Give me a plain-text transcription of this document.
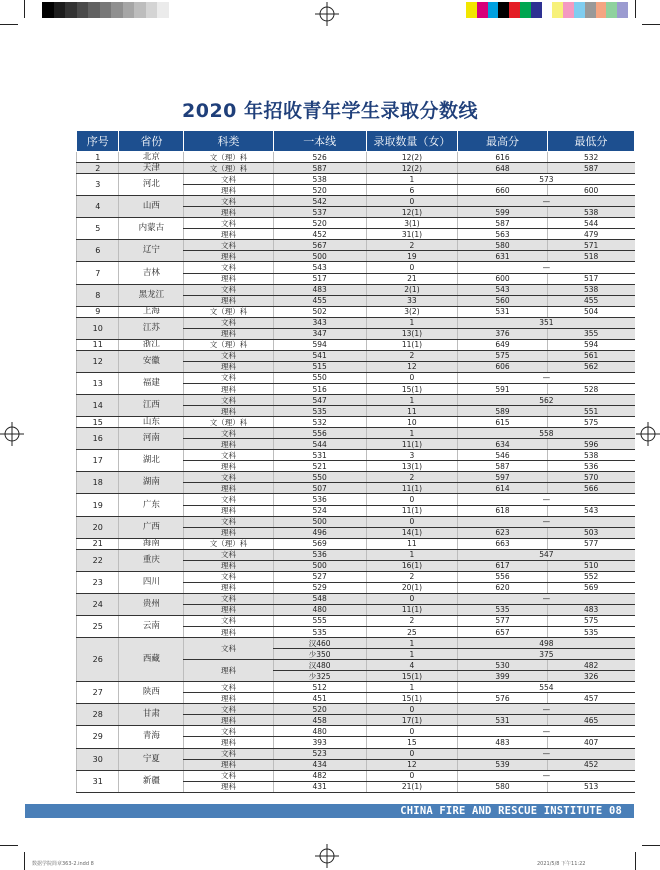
2020 年招收青年学生录取分数线
序号	省份	科类	一本线	录取数量（女）	最高分	最低分
1	北京	文（理）科	526	12(2)	616	532
2	天津	文（理）科	587	12(2)	648	587
3	河北	文科	538	1	573	
		理科	520	6	660	600
4	山西	文科	542	0	—	
		理科	537	12(1)	599	538
5	内蒙古	文科	520	3(1)	587	544
		理科	452	31(1)	563	479
6	辽宁	文科	567	2	580	571
		理科	500	19	631	518
7	吉林	文科	543	0	—	
		理科	517	21	600	517
8	黑龙江	文科	483	2(1)	543	538
		理科	455	33	560	455
9	上海	文（理）科	502	3(2)	531	504
10	江苏	文科	343	1	351	
		理科	347	13(1)	376	355
11	浙江	文（理）科	594	11(1)	649	594
12	安徽	文科	541	2	575	561
		理科	515	12	606	562
13	福建	文科	550	0	—	
		理科	516	15(1)	591	528
14	江西	文科	547	1	562	
		理科	535	11	589	551
15	山东	文（理）科	532	10	615	575
16	河南	文科	556	1	558	
		理科	544	11(1)	634	596
17	湖北	文科	531	3	546	538
		理科	521	13(1)	587	536
18	湖南	文科	550	2	597	570
		理科	507	11(1)	614	566
19	广东	文科	536	0	—	
		理科	524	11(1)	618	543
20	广西	文科	500	0	—	
		理科	496	14(1)	623	503
21	海南	文（理）科	569	11	663	577
22	重庆	文科	536	1	547	
		理科	500	16(1)	617	510
23	四川	文科	527	2	556	552
		理科	529	20(1)	620	569
24	贵州	文科	548	0	—	
		理科	480	11(1)	535	483
25	云南	文科	555	2	577	575
		理科	535	25	657	535
26	西藏	文科	汉460	1	498	
			少350	1	375	
		理科	汉480	4	530	482
			少325	15(1)	399	326
27	陕西	文科	512	1	554	
		理科	451	15(1)	576	457
28	甘肃	文科	520	0	—	
		理科	458	17(1)	531	465
29	青海	文科	480	0	—	
		理科	393	15	483	407
30	宁夏	文科	523	0	—	
		理科	434	12	539	452
31	新疆	文科	482	0	—	
		理科	431	21(1)	580	513
CHINA FIRE AND RESCUE INSTITUTE 08
数据学院简章363-2.indd 8	2021/5/8 下午11:22
